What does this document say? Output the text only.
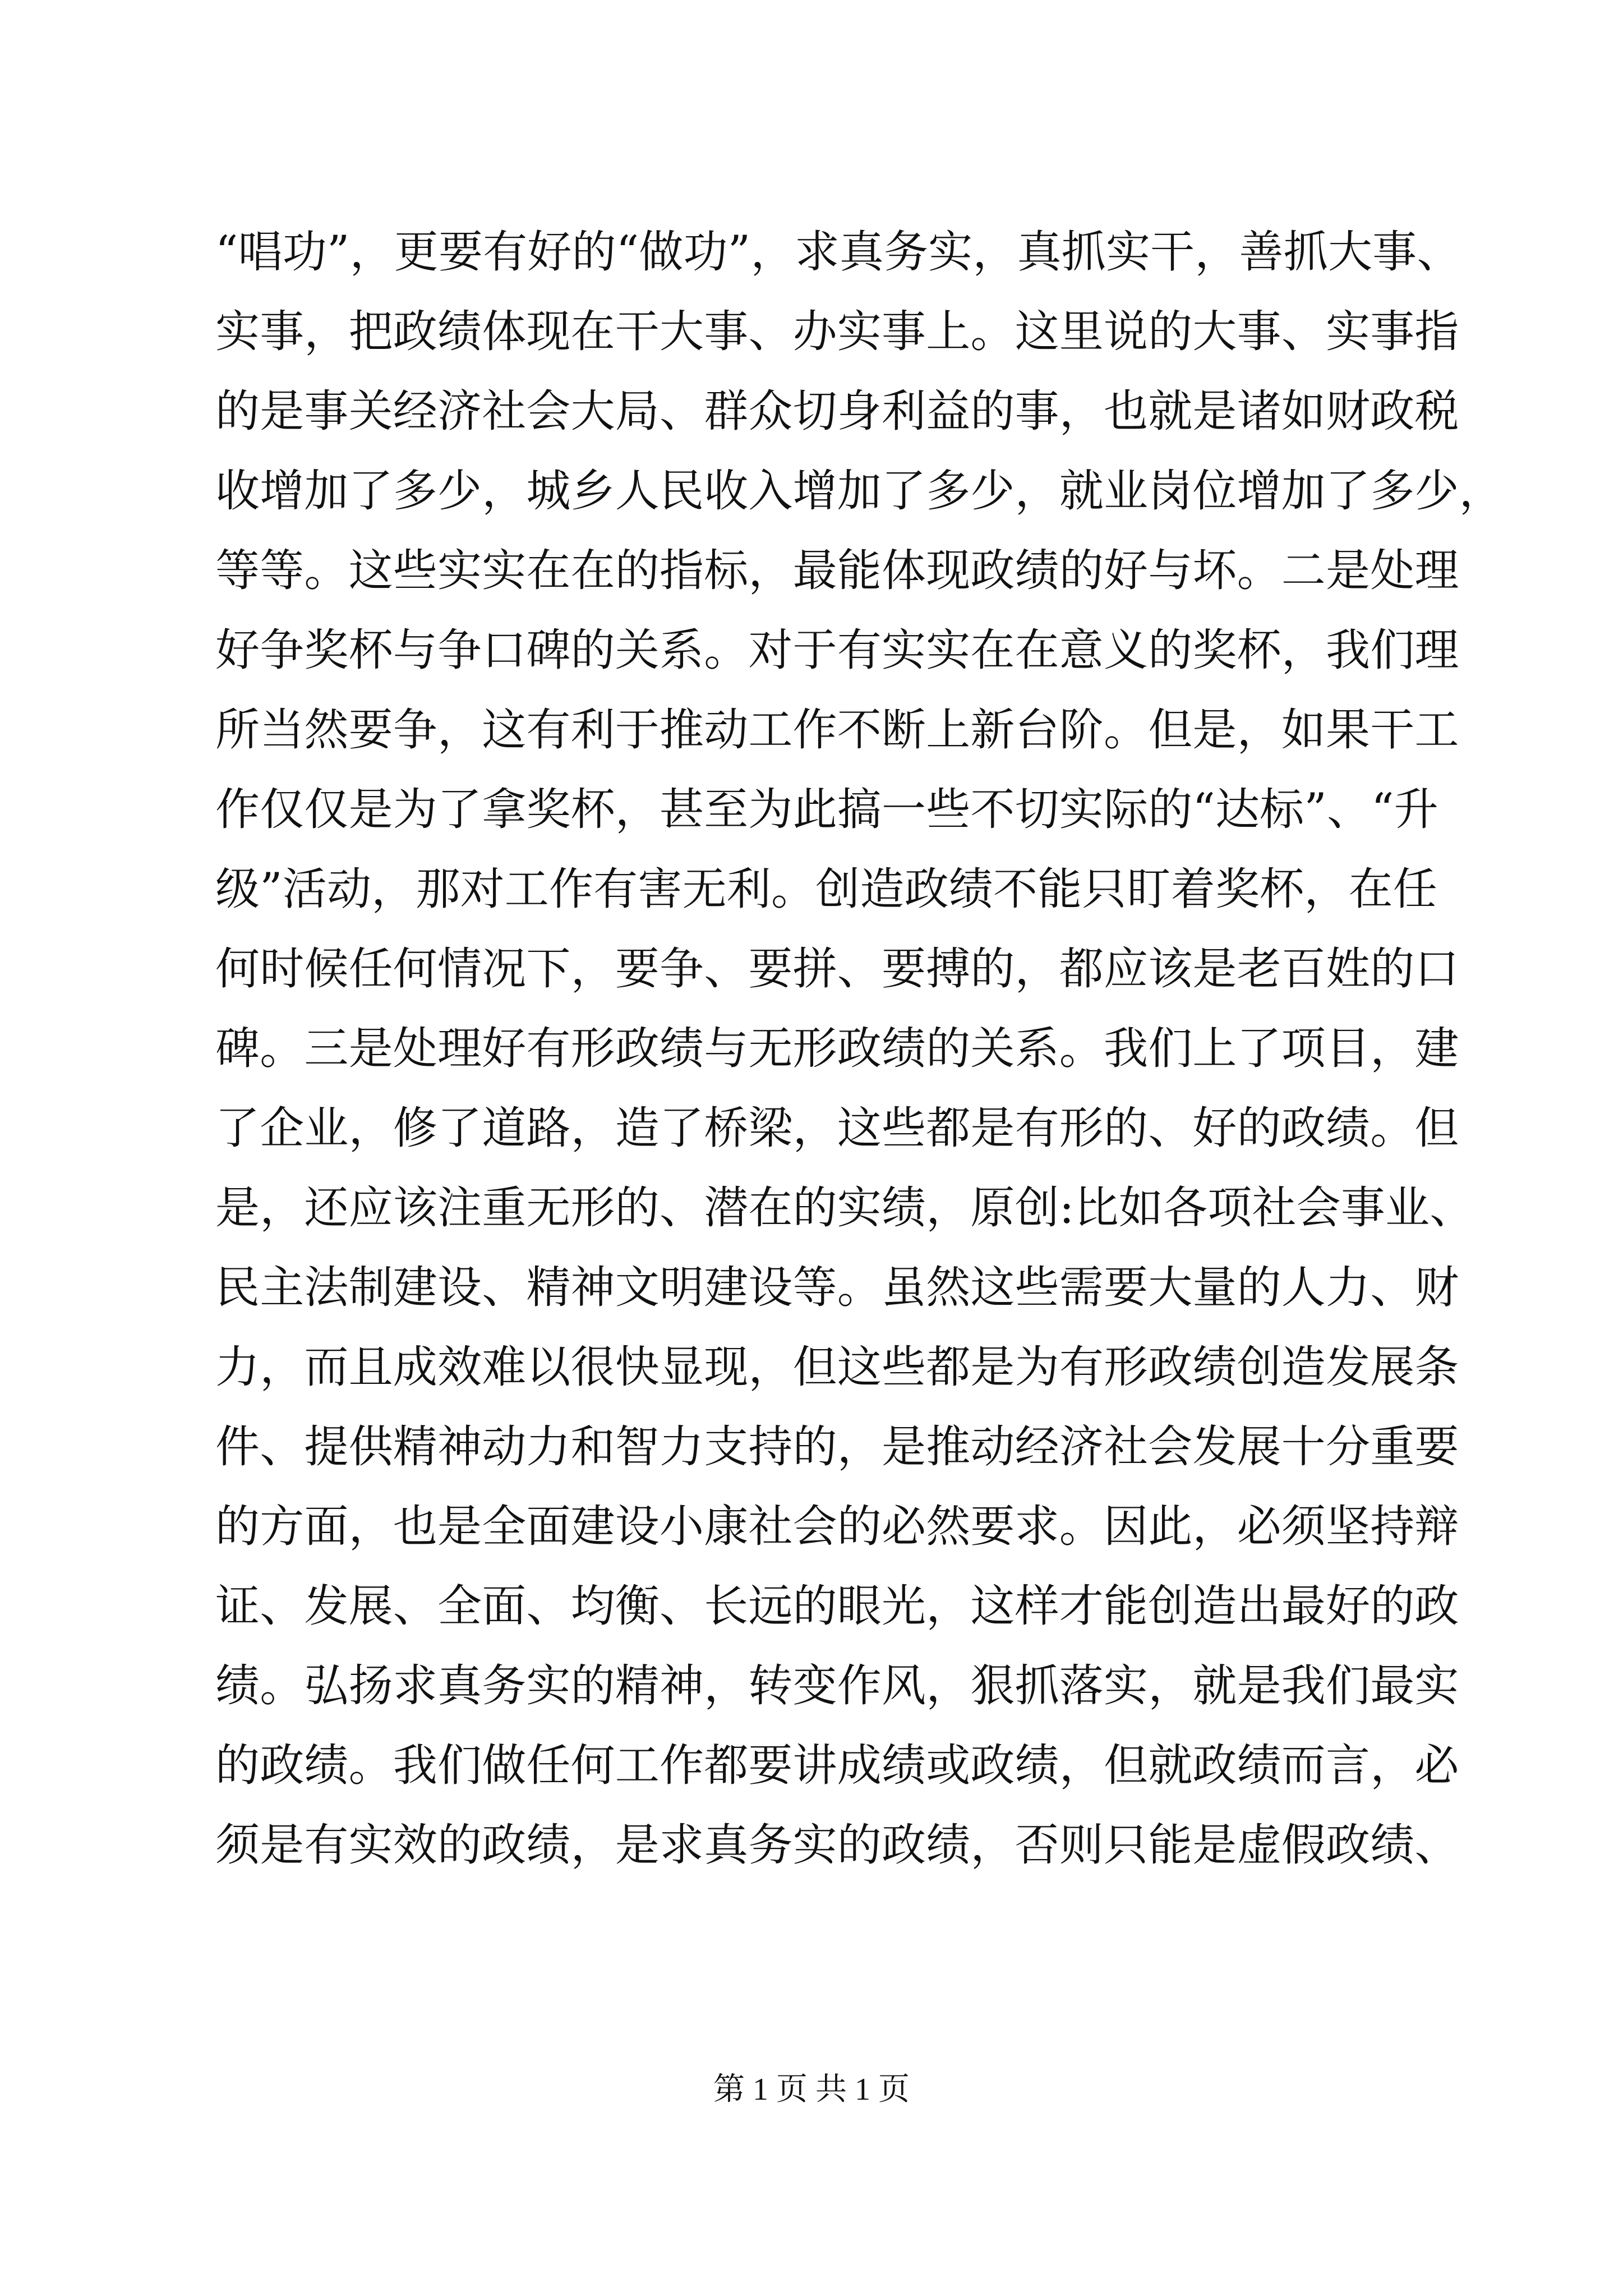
“唱功”，更要有好的“做功”，求真务实，真抓实干，善抓大事、
实事，把政绩体现在干大事、办实事上。这里说的大事、实事指
的是事关经济社会大局、群众切身利益的事，也就是诸如财政税
收增加了多少，城乡人民收入增加了多少，就业岗位增加了多少，
等等。这些实实在在的指标，最能体现政绩的好与坏。二是处理
好争奖杯与争口碑的关系。对于有实实在在意义的奖杯，我们理
所当然要争，这有利于推动工作不断上新台阶。但是，如果干工
作仅仅是为了拿奖杯，甚至为此搞一些不切实际的“达标”、“升
级”活动，那对工作有害无利。创造政绩不能只盯着奖杯，在任
何时候任何情况下，要争、要拼、要搏的，都应该是老百姓的口
碑。三是处理好有形政绩与无形政绩的关系。我们上了项目，建
了企业，修了道路，造了桥梁，这些都是有形的、好的政绩。但
是，还应该注重无形的、潜在的实绩，原创:比如各项社会事业、
民主法制建设、精神文明建设等。虽然这些需要大量的人力、财
力，而且成效难以很快显现，但这些都是为有形政绩创造发展条
件、提供精神动力和智力支持的，是推动经济社会发展十分重要
的方面，也是全面建设小康社会的必然要求。因此，必须坚持辩
证、发展、全面、均衡、长远的眼光，这样才能创造出最好的政
绩。弘扬求真务实的精神，转变作风，狠抓落实，就是我们最实
的政绩。我们做任何工作都要讲成绩或政绩，但就政绩而言，必
须是有实效的政绩，是求真务实的政绩，否则只能是虚假政绩、
第 1 页 共 1 页
